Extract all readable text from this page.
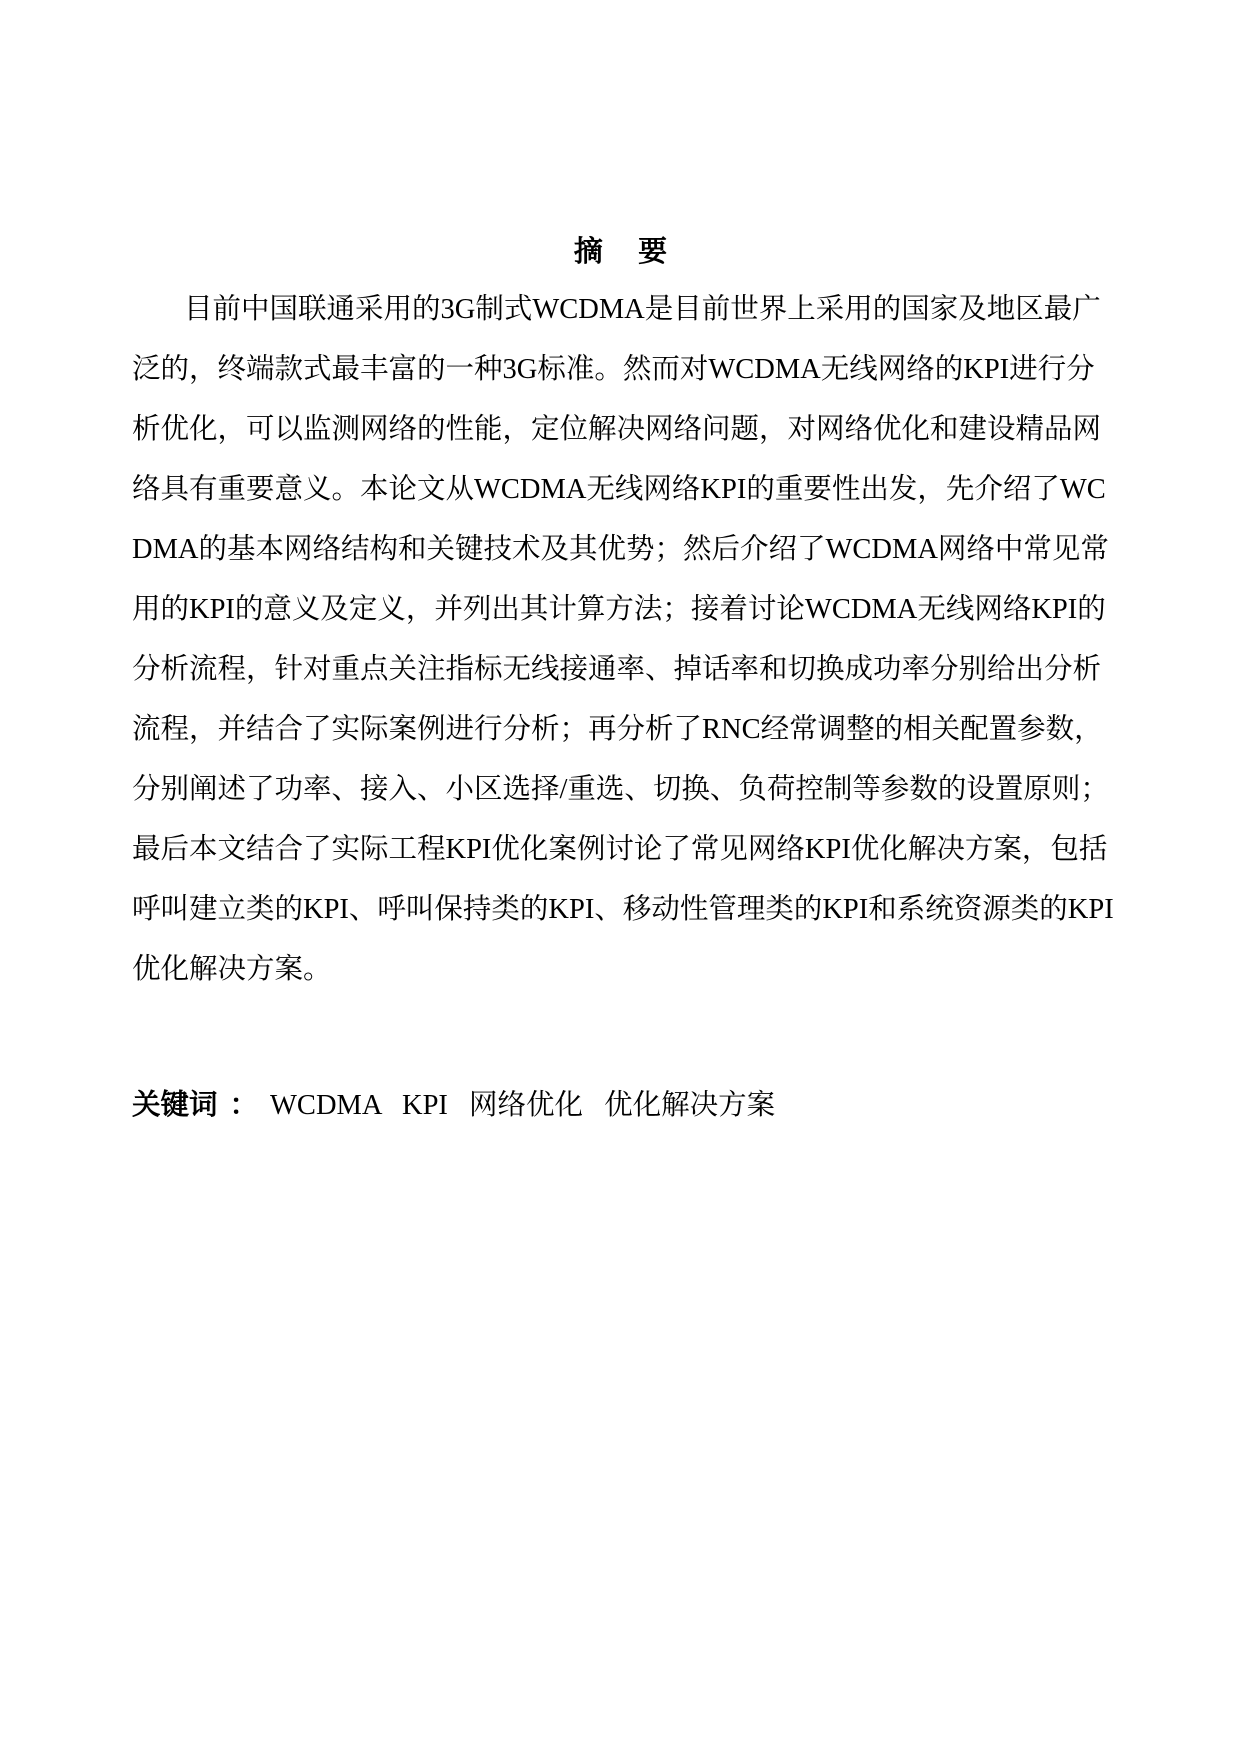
摘 要
目前中国联通采用的3G制式WCDMA是目前世界上采用的国家及地区最广
泛的，终端款式最丰富的一种3G标准。然而对WCDMA无线网络的KPI进行分
析优化，可以监测网络的性能，定位解决网络问题，对网络优化和建设精品网
络具有重要意义。本论文从WCDMA无线网络KPI的重要性出发，先介绍了WC
DMA的基本网络结构和关键技术及其优势；然后介绍了WCDMA网络中常见常
用的KPI的意义及定义，并列出其计算方法；接着讨论WCDMA无线网络KPI的
分析流程，针对重点关注指标无线接通率、掉话率和切换成功率分别给出分析
流程，并结合了实际案例进行分析；再分析了RNC经常调整的相关配置参数，
分别阐述了功率、接入、小区选择/重选、切换、负荷控制等参数的设置原则；
最后本文结合了实际工程KPI优化案例讨论了常见网络KPI优化解决方案，包括
呼叫建立类的KPI、呼叫保持类的KPI、移动性管理类的KPI和系统资源类的KPI
优化解决方案。
关键词 ： WCDMA KPI 网络优化 优化解决方案
